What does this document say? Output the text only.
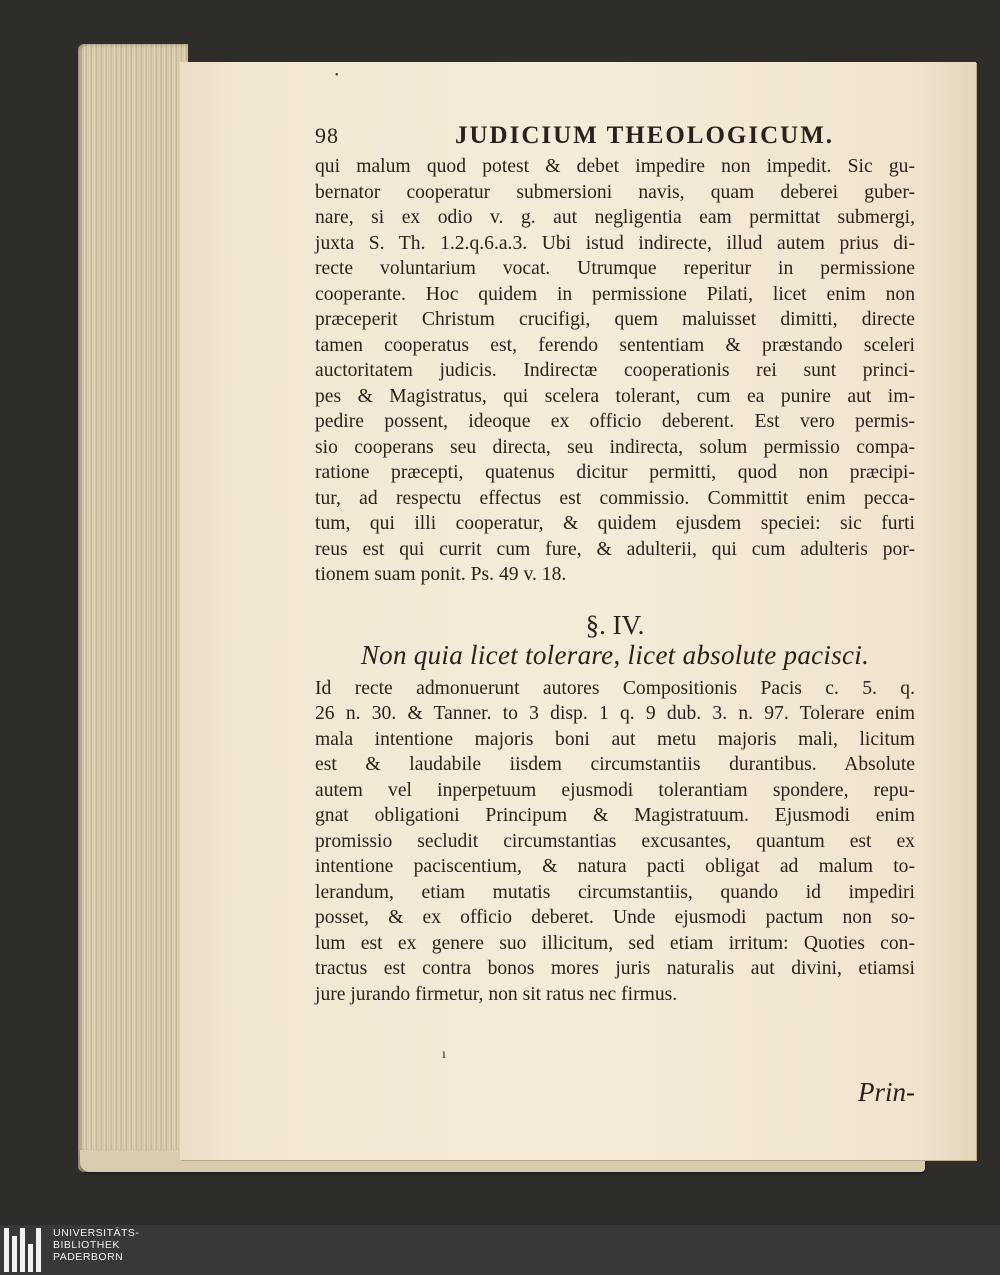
98	JUDICIUM THEOLOGICUM.
qui malum quod potest & debet impedire non impedit. Sic gu-
bernator cooperatur submersioni navis, quam deberei guber-
nare, si ex odio v. g. aut negligentia eam permittat submergi,
juxta S. Th. 1.2.q.6.a.3. Ubi istud indirecte, illud autem prius di-
recte voluntarium vocat. Utrumque reperitur in permissione
cooperante. Hoc quidem in permissione Pilati, licet enim non
præceperit Christum crucifigi, quem maluisset dimitti, directe
tamen cooperatus est, ferendo sententiam & præstando sceleri
auctoritatem judicis. Indirectæ cooperationis rei sunt princi-
pes & Magistratus, qui scelera tolerant, cum ea punire aut im-
pedire possent, ideoque ex officio deberent. Est vero permis-
sio cooperans seu directa, seu indirecta, solum permissio compa-
ratione præcepti, quatenus dicitur permitti, quod non præcipi-
tur, ad respectu effectus est commissio. Committit enim pecca-
tum, qui illi cooperatur, & quidem ejusdem speciei: sic furti
reus est qui currit cum fure, & adulterii, qui cum adulteris por-
tionem suam ponit. Ps. 49 v. 18.
§. IV.
Non quia licet tolerare, licet absolute pacisci.
Id recte admonuerunt autores Compositionis Pacis c. 5. q.
26 n. 30. & Tanner. to 3 disp. 1 q. 9 dub. 3. n. 97. Tolerare enim
mala intentione majoris boni aut metu majoris mali, licitum
est & laudabile iisdem circumstantiis durantibus. Absolute
autem vel inperpetuum ejusmodi tolerantiam spondere, repu-
gnat obligationi Principum & Magistratuum. Ejusmodi enim
promissio secludit circumstantias excusantes, quantum est ex
intentione paciscentium, & natura pacti obligat ad malum to-
lerandum, etiam mutatis circumstantiis, quando id impediri
posset, & ex officio deberet. Unde ejusmodi pactum non so-
lum est ex genere suo illicitum, sed etiam irritum: Quoties con-
tractus est contra bonos mores juris naturalis aut divini, etiamsi
jure jurando firmetur, non sit ratus nec firmus.
Prin-
•
ı
UNIVERSITÄTS-
BIBLIOTHEK
PADERBORN
